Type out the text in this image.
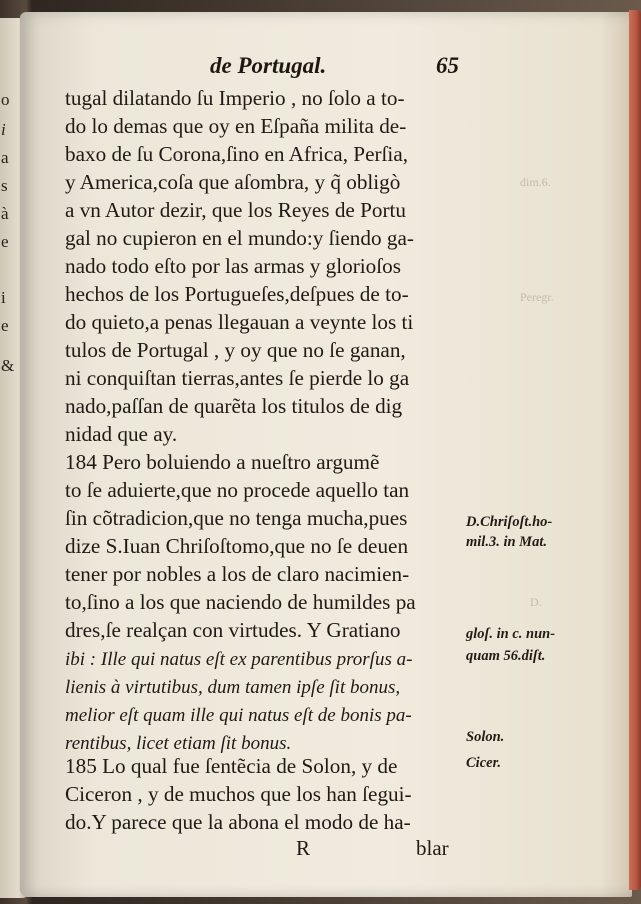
o
i
a
s
à
e
i
e
&
dim.6.
Peregr.
D.
de Portugal.	65
tugal dilatando ſu Imperio , no ſolo a to-
do lo demas que oy en Eſpaña milita de-
baxo de ſu Corona,ſino en Africa, Perſia,
y America,coſa que aſombra, y q̃ obligò
a vn Autor dezir, que los Reyes de Portu
gal no cupieron en el mundo:y ſiendo ga-
nado todo eſto por las armas y glorioſos
hechos de los Portugueſes,deſpues de to-
do quieto,a penas llegauan a veynte los ti
tulos de Portugal , y oy que no ſe ganan,
ni conquiſtan tierras,antes ſe pierde lo ga
nado,paſſan de quarẽta los titulos de dig
nidad que ay.
184 Pero boluiendo a nueſtro argumẽ
to ſe aduierte,que no procede aquello tan
ſin cõtradicion,que no tenga mucha,pues
dize S.Iuan Chriſoſtomo,que no ſe deuen
tener por nobles a los de claro nacimien-
to,ſino a los que naciendo de humildes pa
dres,ſe realçan con virtudes. Y Gratiano
ibi : Ille qui natus eſt ex parentibus prorſus a-
lienis à virtutibus, dum tamen ipſe ſit bonus,
melior eſt quam ille qui natus eſt de bonis pa-
rentibus, licet etiam ſit bonus.
185 Lo qual fue ſentẽcia de Solon, y de
Ciceron , y de muchos que los han ſegui-
do.Y parece que la abona el modo de ha-
D.Chriſoſt.ho-
mil.3. in Mat.
gloſ. in c. nun-
quam 56.diſt.
Solon.
Cicer.
R	blar
